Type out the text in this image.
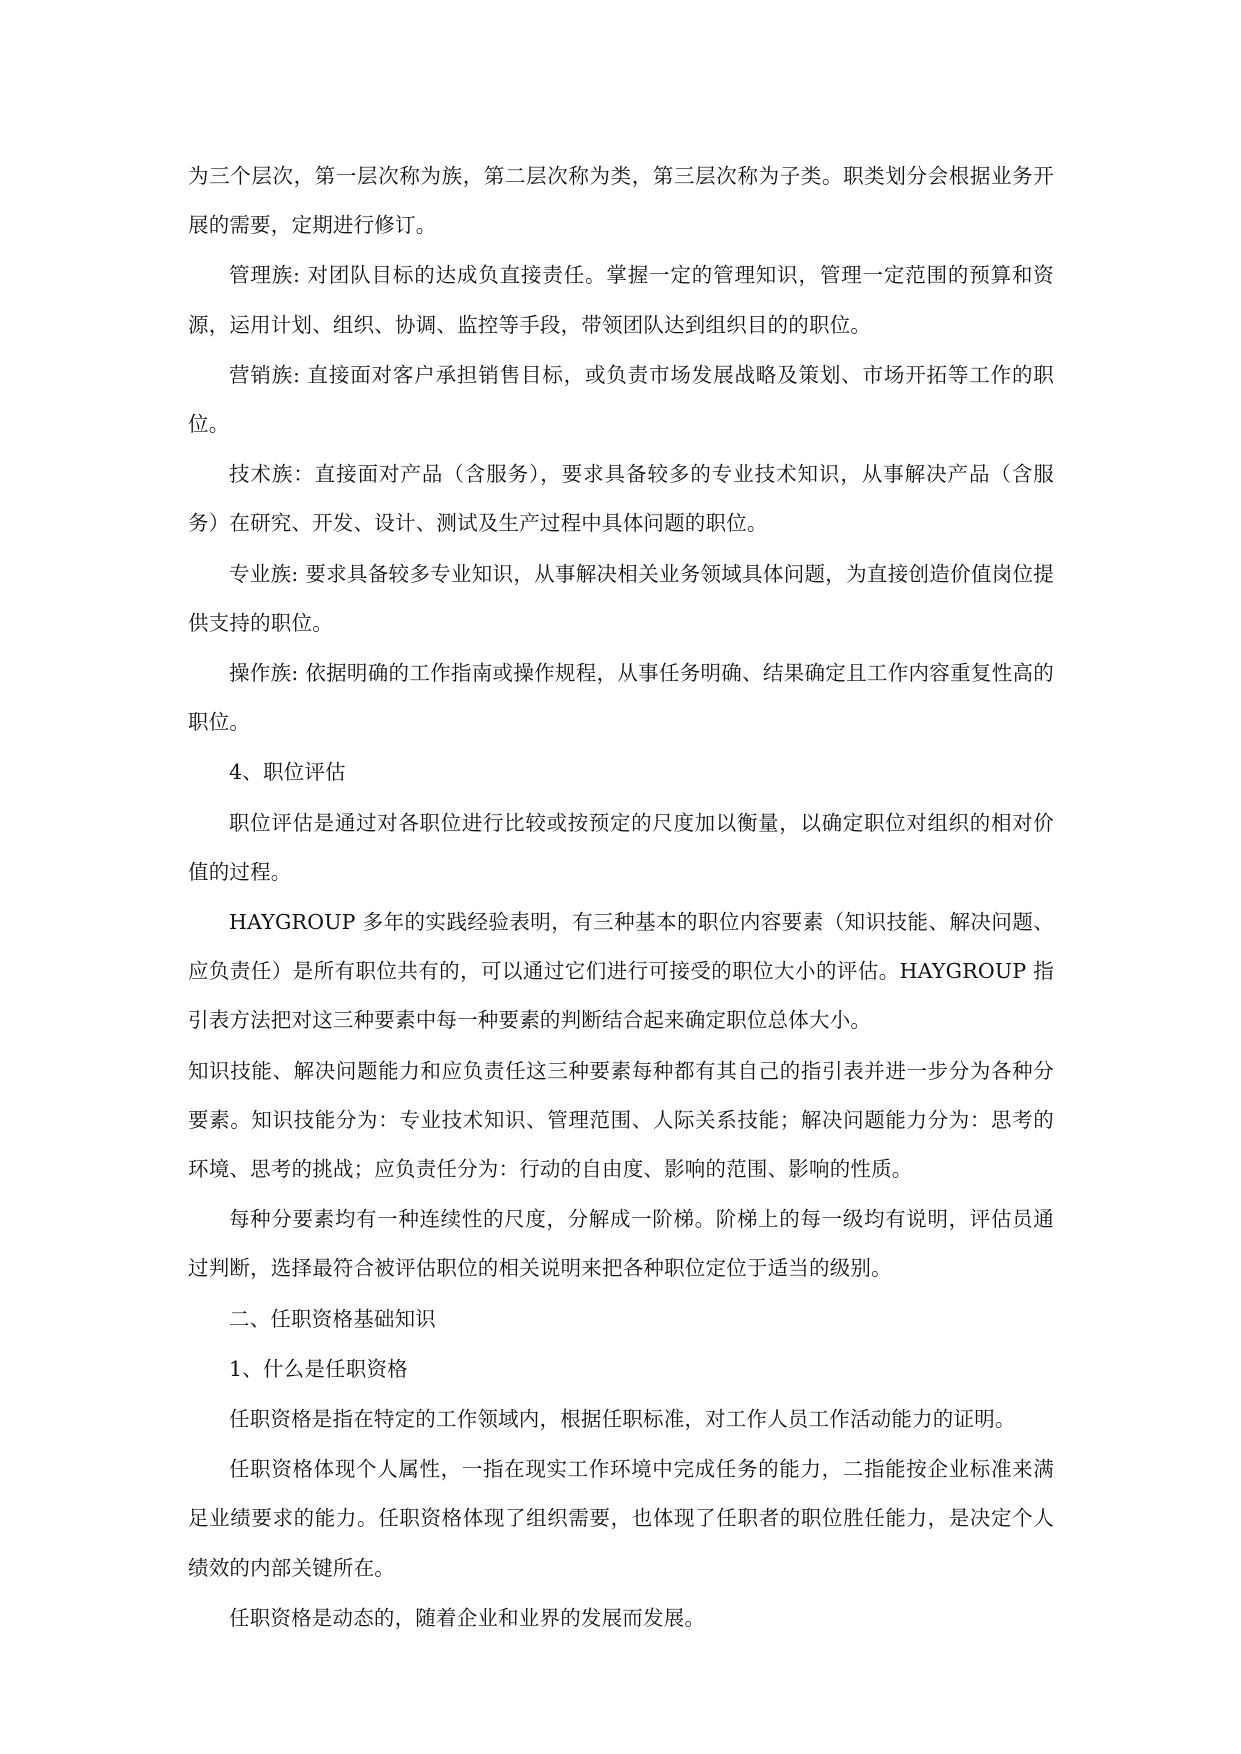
为三个层次，第一层次称为族，第二层次称为类，第三层次称为子类。职类划分会根据业务开展的需要，定期进行修订。

管理族: 对团队目标的达成负直接责任。掌握一定的管理知识，管理一定范围的预算和资源，运用计划、组织、协调、监控等手段，带领团队达到组织目的的职位。

营销族: 直接面对客户承担销售目标，或负责市场发展战略及策划、市场开拓等工作的职位。

技术族：直接面对产品（含服务），要求具备较多的专业技术知识，从事解决产品（含服务）在研究、开发、设计、测试及生产过程中具体问题的职位。

专业族: 要求具备较多专业知识，从事解决相关业务领域具体问题，为直接创造价值岗位提供支持的职位。

操作族: 依据明确的工作指南或操作规程，从事任务明确、结果确定且工作内容重复性高的职位。

4、职位评估

职位评估是通过对各职位进行比较或按预定的尺度加以衡量，以确定职位对组织的相对价值的过程。

HAYGROUP 多年的实践经验表明，有三种基本的职位内容要素（知识技能、解决问题、应负责任）是所有职位共有的，可以通过它们进行可接受的职位大小的评估。HAYGROUP 指引表方法把对这三种要素中每一种要素的判断结合起来确定职位总体大小。

知识技能、解决问题能力和应负责任这三种要素每种都有其自己的指引表并进一步分为各种分要素。知识技能分为：专业技术知识、管理范围、人际关系技能；解决问题能力分为：思考的环境、思考的挑战；应负责任分为：行动的自由度、影响的范围、影响的性质。

每种分要素均有一种连续性的尺度，分解成一阶梯。阶梯上的每一级均有说明，评估员通过判断，选择最符合被评估职位的相关说明来把各种职位定位于适当的级别。

二、任职资格基础知识

1、什么是任职资格

任职资格是指在特定的工作领域内，根据任职标准，对工作人员工作活动能力的证明。

任职资格体现个人属性，一指在现实工作环境中完成任务的能力，二指能按企业标准来满足业绩要求的能力。任职资格体现了组织需要，也体现了任职者的职位胜任能力，是决定个人绩效的内部关键所在。

任职资格是动态的，随着企业和业界的发展而发展。
